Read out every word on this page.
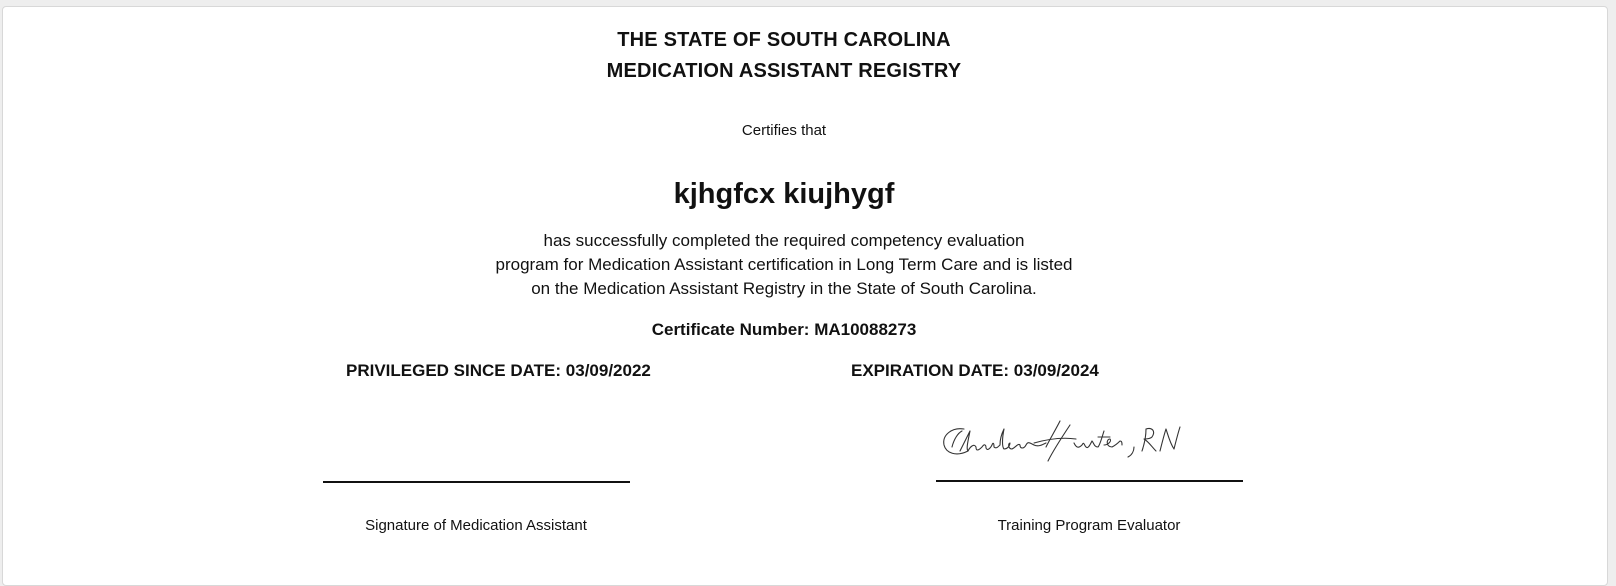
THE STATE OF SOUTH CAROLINA
MEDICATION ASSISTANT REGISTRY
Certifies that
kjhgfcx kiujhygf
has successfully completed the required competency evaluation
program for Medication Assistant certification in Long Term Care and is listed
on the Medication Assistant Registry in the State of South Carolina.
Certificate Number: MA10088273
PRIVILEGED SINCE DATE: 03/09/2022	EXPIRATION DATE: 03/09/2024
Signature of Medication Assistant	Training Program Evaluator
